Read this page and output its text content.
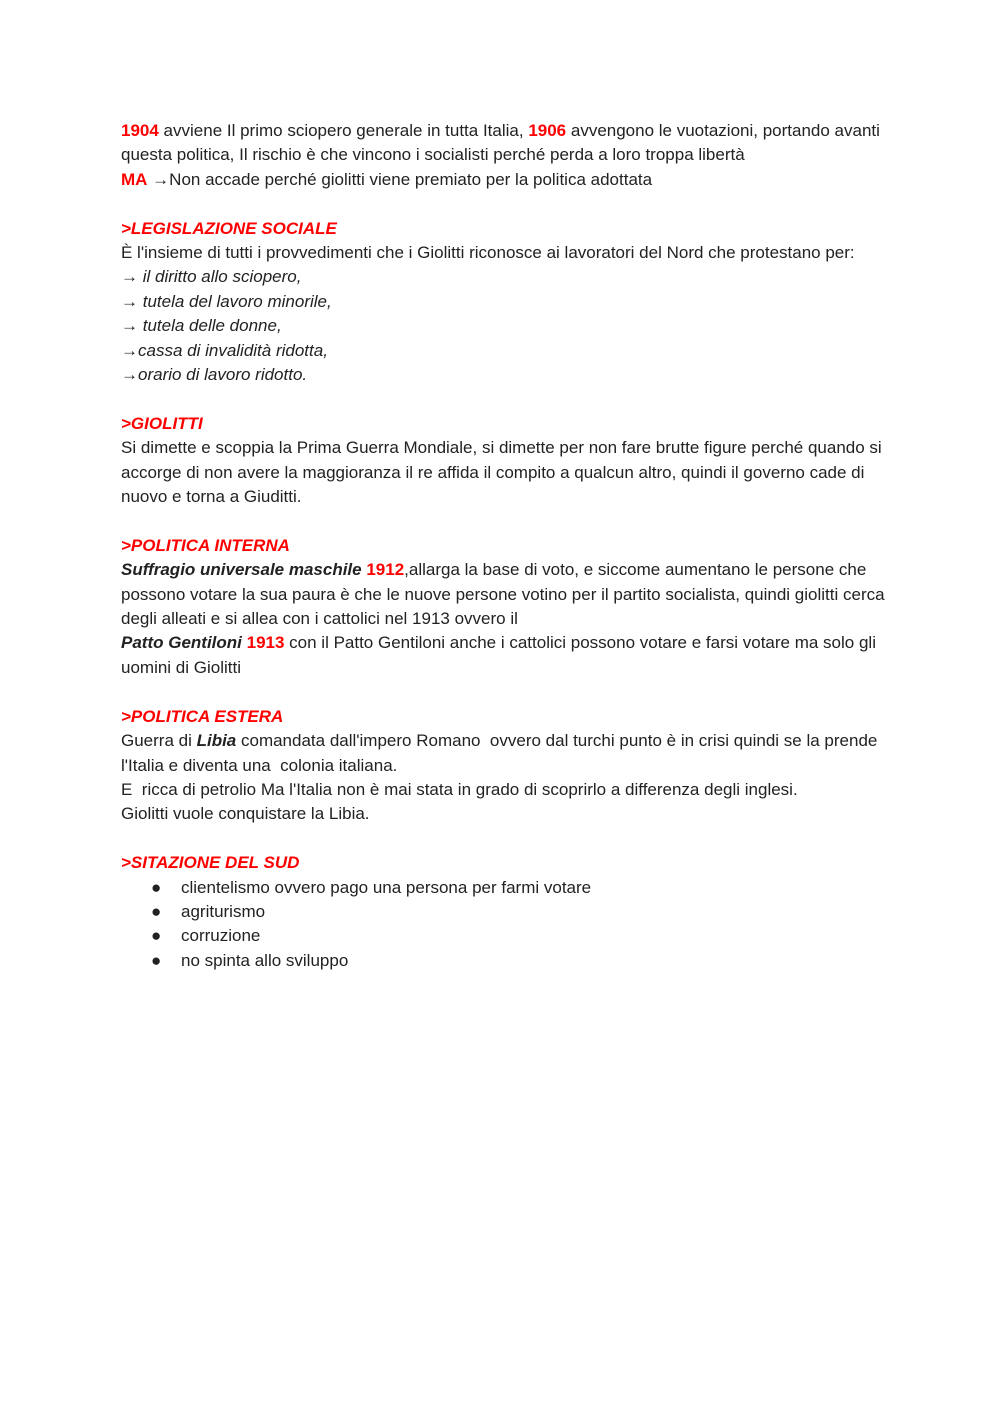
1904 avviene Il primo sciopero generale in tutta Italia, 1906 avvengono le vuotazioni, portando avanti questa politica, Il rischio è che vincono i socialisti perché perda a loro troppa libertà

MA →Non accade perché giolitti viene premiato per la politica adottata

>LEGISLAZIONE SOCIALE

È l'insieme di tutti i provvedimenti che i Giolitti riconosce ai lavoratori del Nord che protestano per:

→ il diritto allo sciopero,

→ tutela del lavoro minorile,

→ tutela delle donne,

→cassa di invalidità ridotta,

→orario di lavoro ridotto.

>GIOLITTI

Si dimette e scoppia la Prima Guerra Mondiale, si dimette per non fare brutte figure perché quando si accorge di non avere la maggioranza il re affida il compito a qualcun altro, quindi il governo cade di nuovo e torna a Giuditti.

>POLITICA INTERNA

Suffragio universale maschile 1912,allarga la base di voto, e siccome aumentano le persone che possono votare la sua paura è che le nuove persone votino per il partito socialista, quindi giolitti cerca degli alleati e si allea con i cattolici nel 1913 ovvero il

Patto Gentiloni 1913 con il Patto Gentiloni anche i cattolici possono votare e farsi votare ma solo gli uomini di Giolitti

>POLITICA ESTERA

Guerra di Libia comandata dall'impero Romano  ovvero dal turchi punto è in crisi quindi se la prende l'Italia e diventa una  colonia italiana.

E  ricca di petrolio Ma l'Italia non è mai stata in grado di scoprirlo a differenza degli inglesi.

Giolitti vuole conquistare la Libia.

>SITAZIONE DEL SUD

● clientelismo ovvero pago una persona per farmi votare
● agriturismo
● corruzione
● no spinta allo sviluppo
